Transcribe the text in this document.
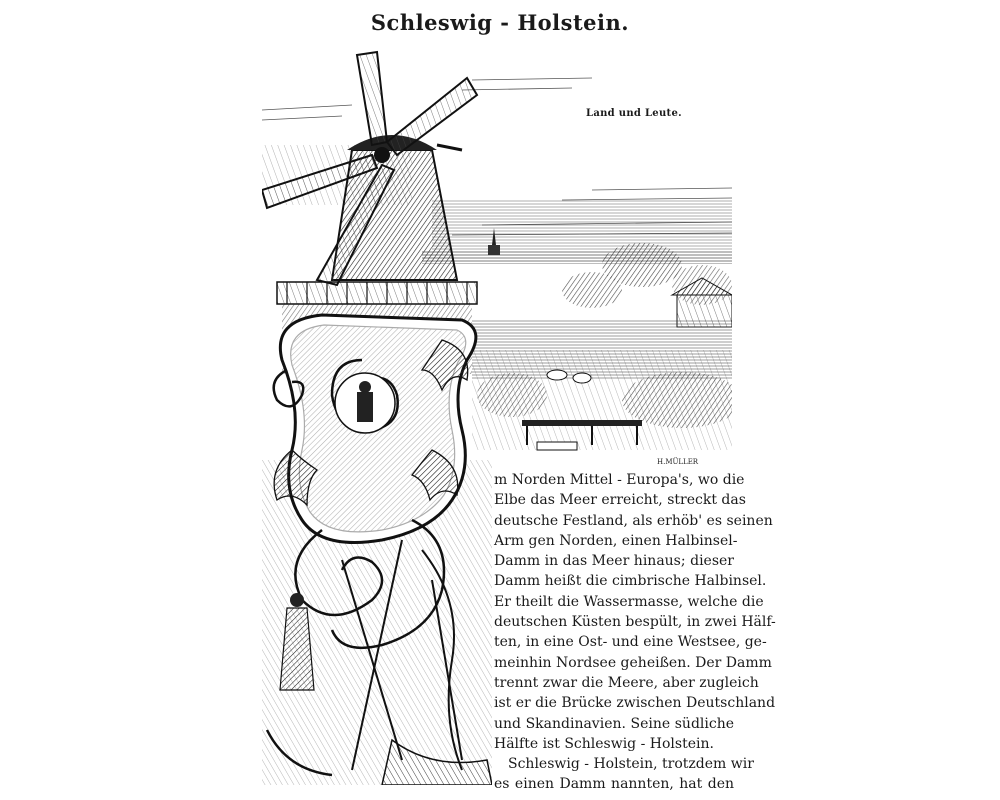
Schleswig - Holstein.
H.MÜLLER
Land und Leute.
m Norden Mittel - Europa's, wo die
Elbe das Meer erreicht, streckt das
deutsche Festland, als erhöb' es seinen
Arm gen Norden, einen Halbinsel-
Damm in das Meer hinaus; dieser
Damm heißt die cimbrische Halbinsel.
Er theilt die Wassermasse, welche die
deutschen Küsten bespült, in zwei Hälf-
ten, in eine Ost- und eine Westsee, ge-
meinhin Nordsee geheißen. Der Damm
trennt zwar die Meere, aber zugleich
ist er die Brücke zwischen Deutschland
und Skandinavien. Seine südliche
Hälfte ist Schleswig - Holstein.
Schleswig - Holstein, trotzdem wir
es einen Damm nannten, hat den
